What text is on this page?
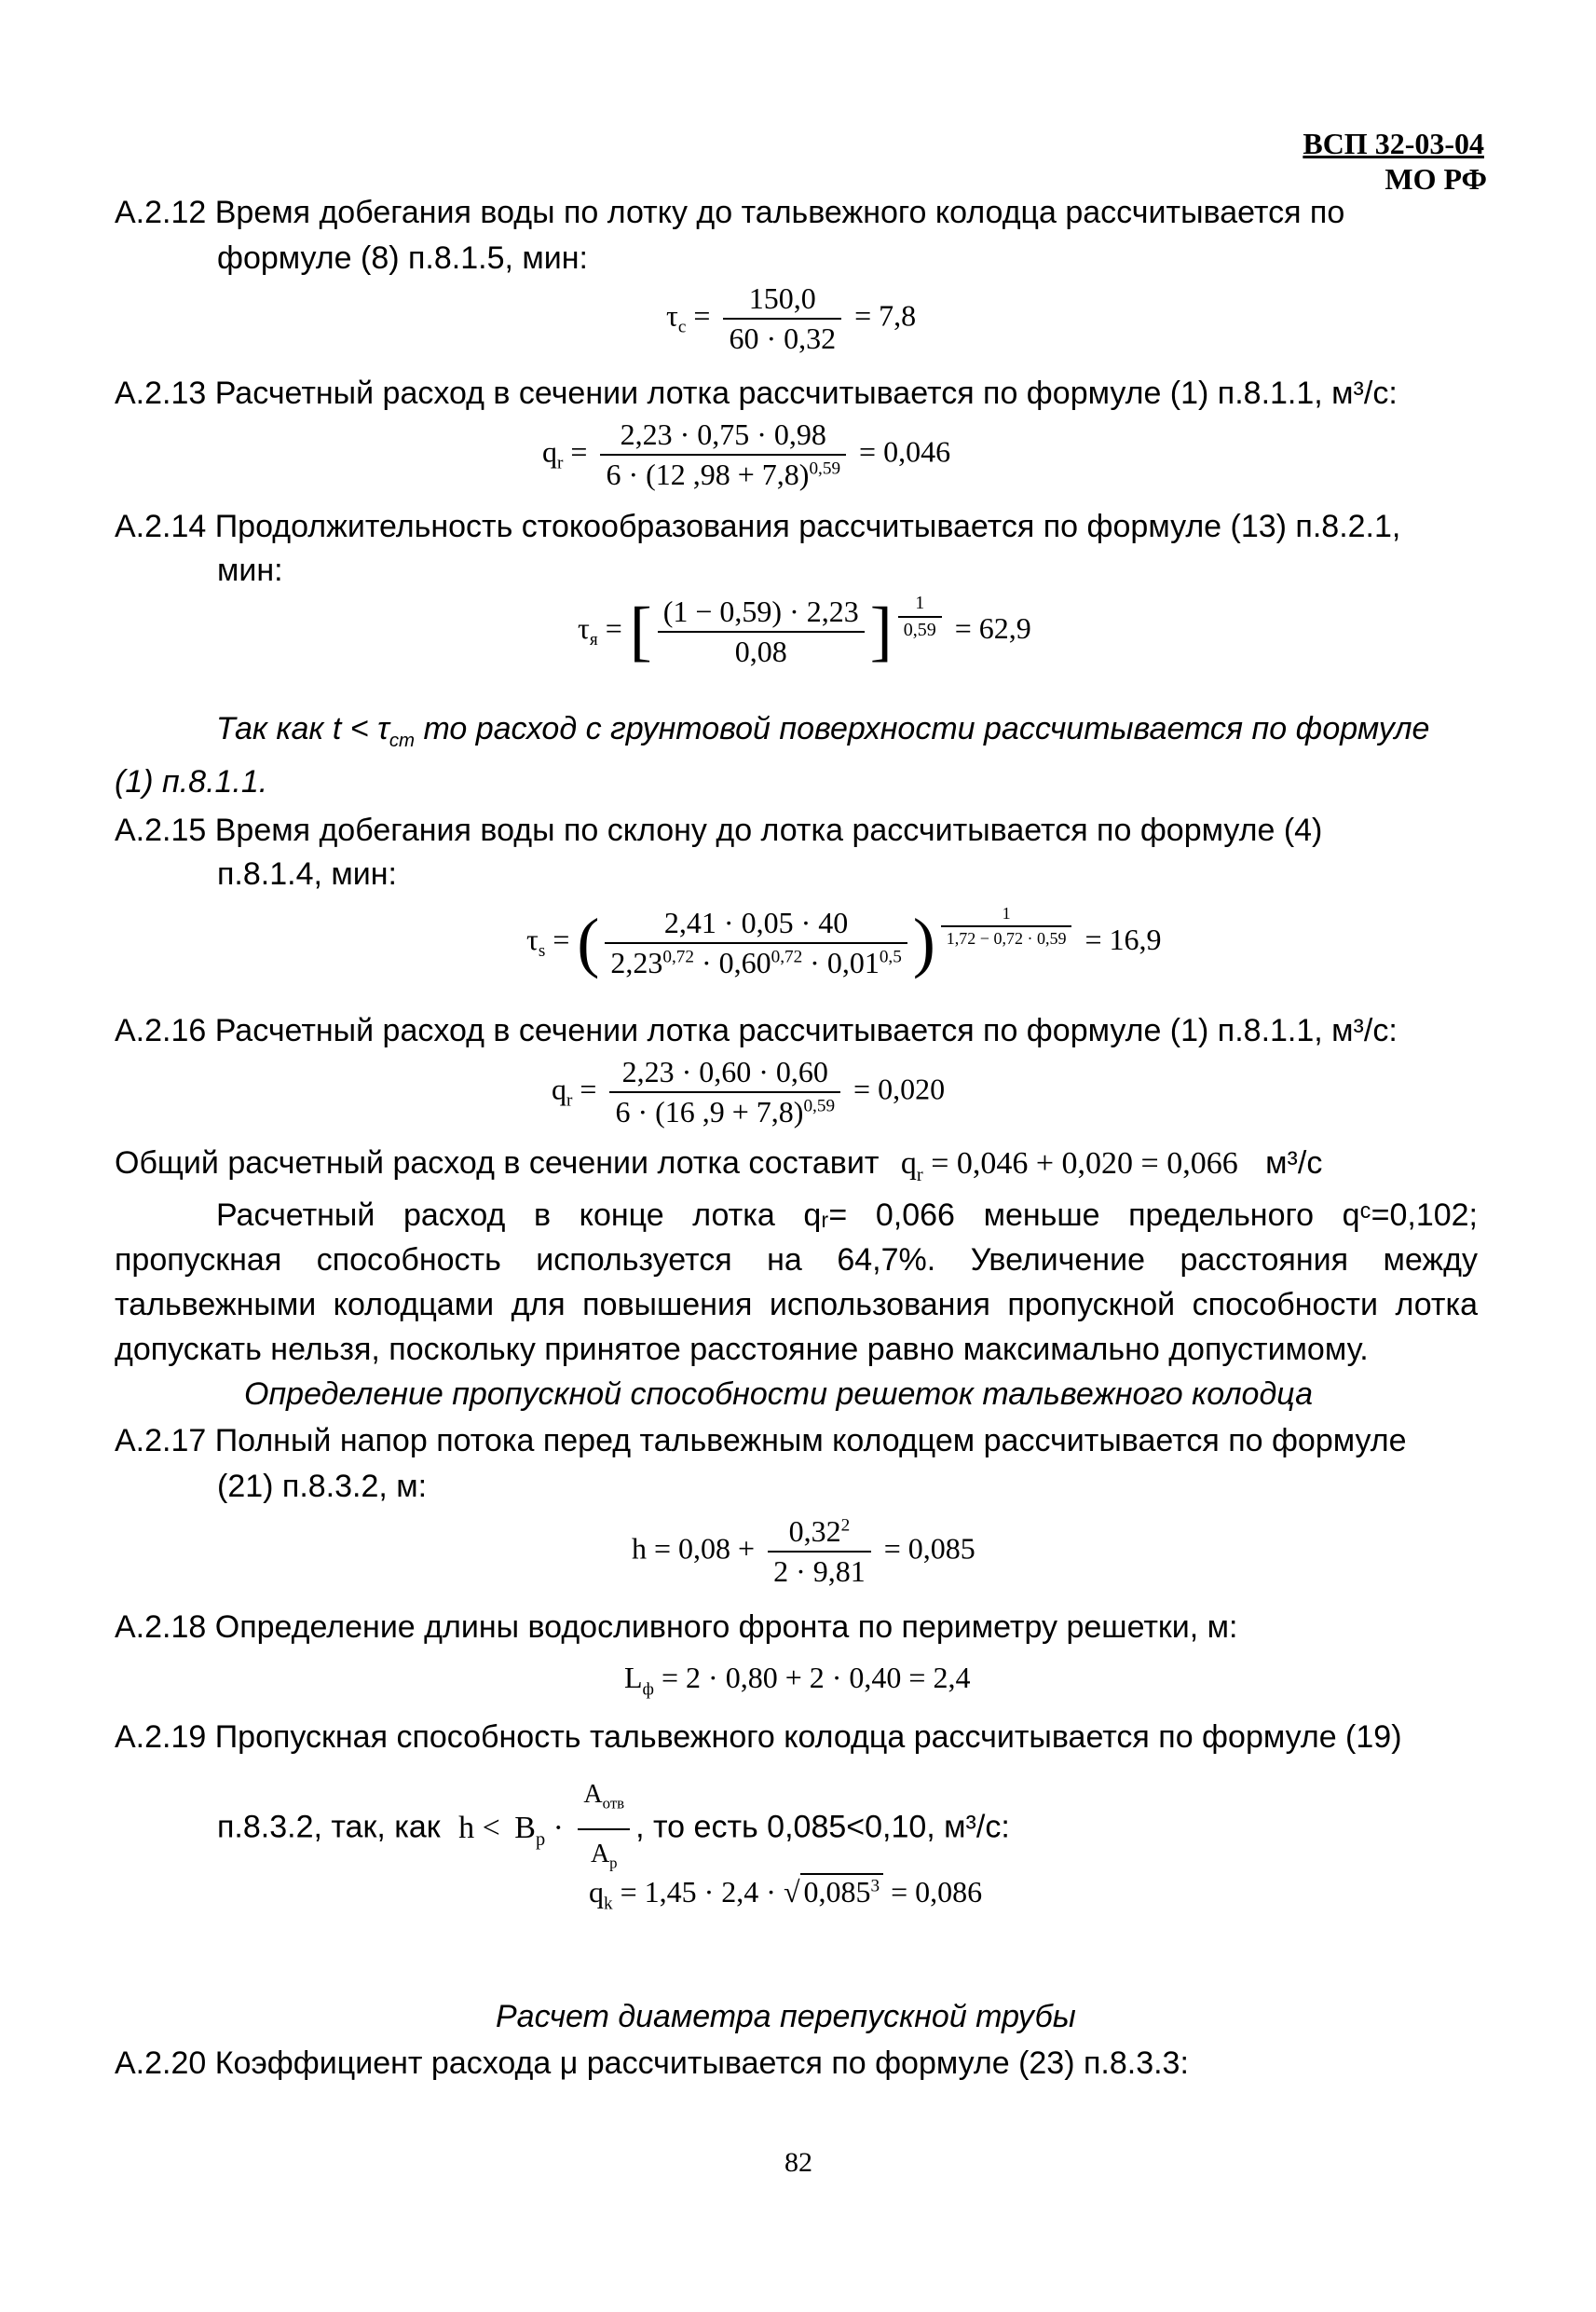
ВСП 32-03-04
МО РФ
А.2.12 Время добегания воды по лотку до тальвежного колодца рассчитывается по
формуле (8) п.8.1.5, мин:
$\tau_c = \frac{150,0}{60 \cdot 0,32} = 7,8$
А.2.13 Расчетный расход в сечении лотка рассчитывается по формуле (1) п.8.1.1, м³/с:
$q_r = \frac{2,23 \cdot 0,75 \cdot 0,98}{6 \cdot (12 ,98 + 7,8)^{0,59}} = 0,046$
А.2.14 Продолжительность стокообразования рассчитывается по формуле (13) п.8.2.1,
мин:
$\tau_я$ = [ $\frac{(1 - 0,59) \cdot 2,23}{0,08}$ ] $^{\frac{1}{0,59}}$ = 62,9
Так как $t < \tau_{ст}$ то расход с грунтовой поверхности рассчитывается по формуле
(1) п.8.1.1.
А.2.15 Время добегания воды по склону до лотка рассчитывается по формуле (4)
п.8.1.4, мин:
$\tau_s$ = ( $\frac{2,41 \cdot 0,05 \cdot 40}{2,23^{0,72} \cdot 0,60^{0,72} \cdot 0,01^{0,5}}$ ) $^{\frac{1}{1,72 - 0,72 \cdot 0,59}}$ = 16,9
А.2.16 Расчетный расход в сечении лотка рассчитывается по формуле (1) п.8.1.1, м³/с:
$q_r = \frac{2,23 \cdot 0,60 \cdot 0,60}{6 \cdot (16 ,9 + 7,8)^{0,59}} = 0,020$
Общий расчетный расход в сечении лотка составит $q_r = 0,046 + 0,020 = 0,066$ м³/с
Расчетный расход в конце лотка qᵣ= 0,066 меньше предельного qᶜ=0,102;
пропускная способность используется на 64,7%. Увеличение расстояния между
тальвежными колодцами для повышения использования пропускной способности лотка
допускать нельзя, поскольку принятое расстояние равно максимально допустимому.
Определение пропускной способности решеток тальвежного колодца
А.2.17 Полный напор потока перед тальвежным колодцем рассчитывается по формуле
(21) п.8.3.2, м:
$h = 0,08 + \frac{0,32^2}{2 \cdot 9,81} = 0,085$
А.2.18 Определение длины водосливного фронта по периметру решетки, м:
$L_ф = 2 \cdot 0,80 + 2 \cdot 0,40 = 2,4$
А.2.19 Пропускная способность тальвежного колодца рассчитывается по формуле (19)
п.8.3.2, так, как $h < B_p \cdot \frac{A_{отв}}{A_p}$ , то есть 0,085<0,10, м³/с:
$q_k = 1,45 \cdot 2,4$ · √ $0,085^3 = 0,086$
Расчет диаметра перепускной трубы
А.2.20 Коэффициент расхода μ рассчитывается по формуле (23) п.8.3.3:
82
